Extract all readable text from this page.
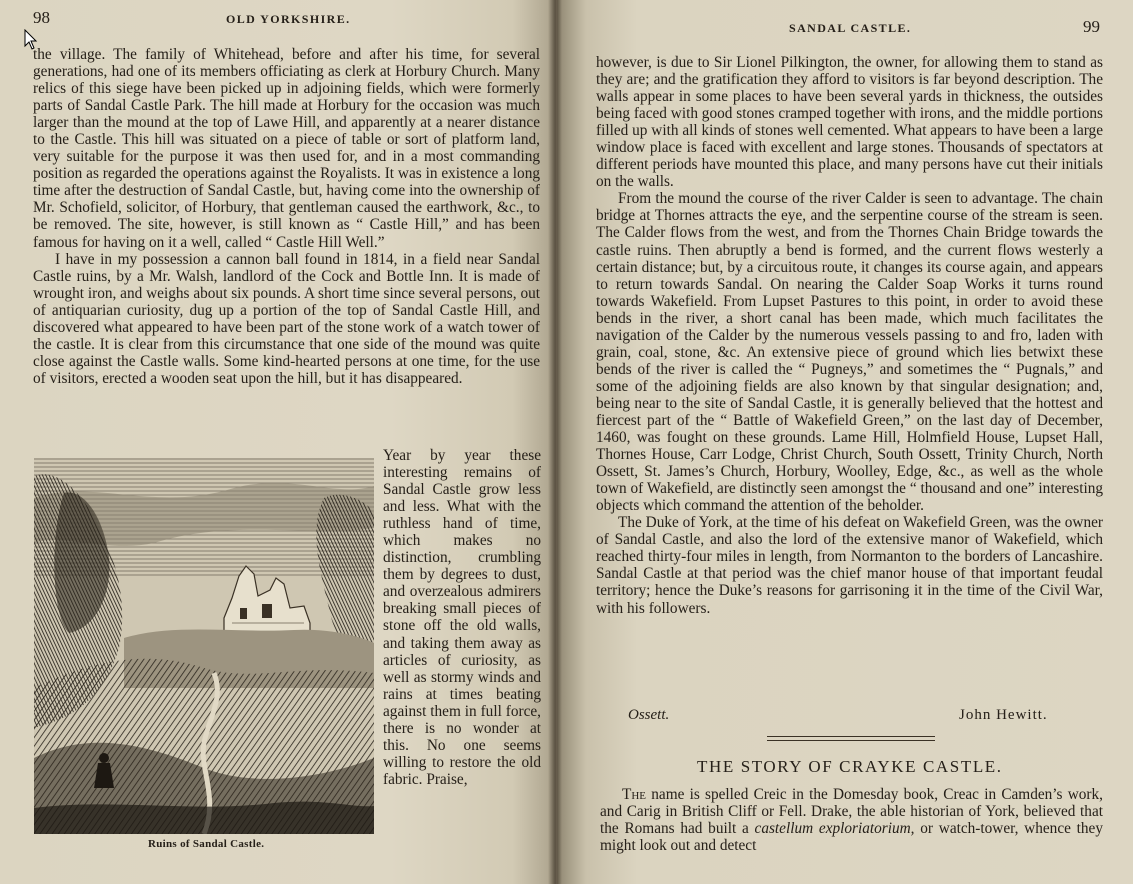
98	OLD YORKSHIRE.

the village. The family of Whitehead, before and after his time, for several generations, had one of its members officiating as clerk at Horbury Church. Many relics of this siege have been picked up in adjoining fields, which were formerly parts of Sandal Castle Park. The hill made at Horbury for the occasion was much larger than the mound at the top of Lawe Hill, and apparently at a nearer distance to the Castle. This hill was situated on a piece of table or sort of platform land, very suitable for the purpose it was then used for, and in a most commanding position as regarded the operations against the Royalists. It was in existence a long time after the destruction of Sandal Castle, but, having come into the ownership of Mr. Schofield, solicitor, of Horbury, that gentleman caused the earthwork, &c., to be removed. The site, however, is still known as “ Castle Hill,” and has been famous for having on it a well, called “ Castle Hill Well.”

I have in my possession a cannon ball found in 1814, in a field near Sandal Castle ruins, by a Mr. Walsh, landlord of the Cock and Bottle Inn. It is made of wrought iron, and weighs about six pounds. A short time since several persons, out of antiquarian curiosity, dug up a portion of the top of Sandal Castle Hill, and discovered what appeared to have been part of the stone work of a watch tower of the castle. It is clear from this circumstance that one side of the mound was quite close against the Castle walls. Some kind-hearted persons at one time, for the use of visitors, erected a wooden seat upon the hill, but it has disappeared.

Year by year these interesting remains of Sandal Castle grow less and less. What with the ruthless hand of time, which makes no distinction, crumbling them by degrees to dust, and overzealous admirers breaking small pieces of stone off the old walls, and taking them away as articles of curiosity, as well as stormy winds and rains at times beating against them in full force, there is no wonder at this. No one seems willing to restore the old fabric. Praise,
Ruins of Sandal Castle.
SANDAL CASTLE.	99

however, is due to Sir Lionel Pilkington, the owner, for allowing them to stand as they are; and the gratification they afford to visitors is far beyond description. The walls appear in some places to have been several yards in thickness, the outsides being faced with good stones cramped together with irons, and the middle portions filled up with all kinds of stones well cemented. What appears to have been a large window place is faced with excellent and large stones. Thousands of spectators at different periods have mounted this place, and many persons have cut their initials on the walls.

From the mound the course of the river Calder is seen to advantage. The chain bridge at Thornes attracts the eye, and the serpentine course of the stream is seen. The Calder flows from the west, and from the Thornes Chain Bridge towards the castle ruins. Then abruptly a bend is formed, and the current flows westerly a certain distance; but, by a circuitous route, it changes its course again, and appears to return towards Sandal. On nearing the Calder Soap Works it turns round towards Wakefield. From Lupset Pastures to this point, in order to avoid these bends in the river, a short canal has been made, which much facilitates the navigation of the Calder by the numerous vessels passing to and fro, laden with grain, coal, stone, &c. An extensive piece of ground which lies betwixt these bends of the river is called the “ Pugneys,” and sometimes the “ Pugnals,” and some of the adjoining fields are also known by that singular designation; and, being near to the site of Sandal Castle, it is generally believed that the hottest and fiercest part of the “ Battle of Wakefield Green,” on the last day of December, 1460, was fought on these grounds. Lame Hill, Holmfield House, Lupset Hall, Thornes House, Carr Lodge, Christ Church, South Ossett, Trinity Church, North Ossett, St. James’s Church, Horbury, Woolley, Edge, &c., as well as the whole town of Wakefield, are distinctly seen amongst the “ thousand and one” interesting objects which command the attention of the beholder.

The Duke of York, at the time of his defeat on Wakefield Green, was the owner of Sandal Castle, and also the lord of the extensive manor of Wakefield, which reached thirty-four miles in length, from Normanton to the borders of Lancashire. Sandal Castle at that period was the chief manor house of that important feudal territory; hence the Duke’s reasons for garrisoning it in the time of the Civil War, with his followers.

Ossett.	John Hewitt.
THE STORY OF CRAYKE CASTLE.

The name is spelled Creic in the Domesday book, Creac in Camden’s work, and Carig in British Cliff or Fell. Drake, the able historian of York, believed that the Romans had built a castellum exploriatorium, or watch-tower, whence they might look out and detect
